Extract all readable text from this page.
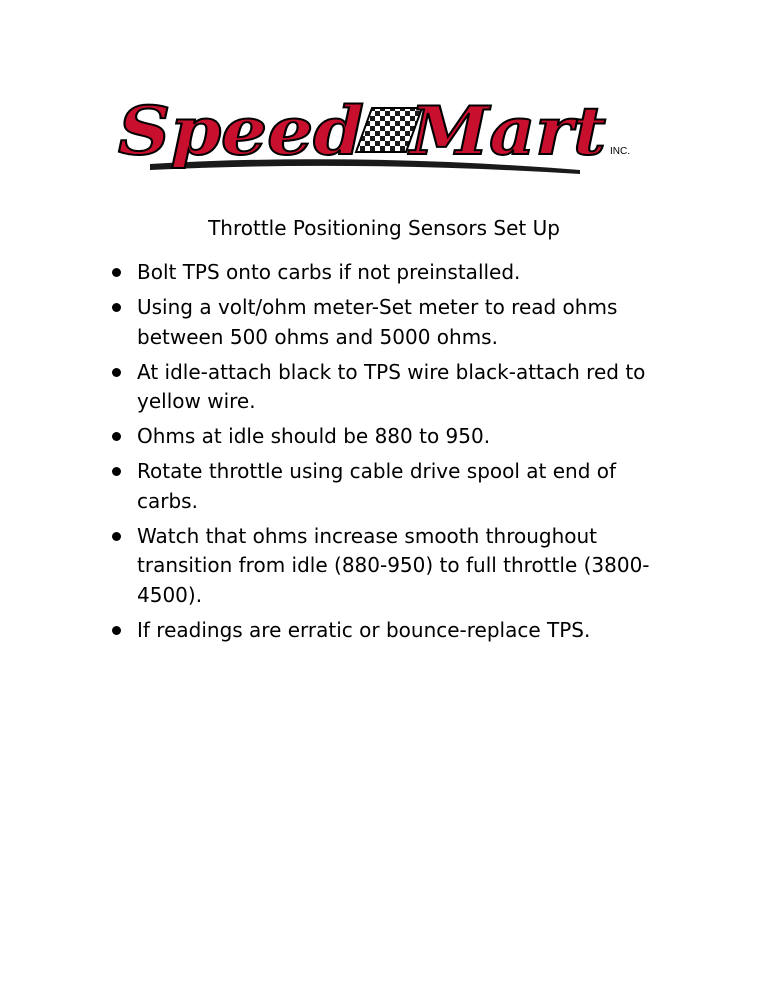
Speed Mart INC.
Throttle Positioning Sensors Set Up
Bolt TPS onto carbs if not preinstalled.
Using a volt/ohm meter-Set meter to read ohms between 500 ohms and 5000 ohms.
At idle-attach black to TPS wire black-attach red to yellow wire.
Ohms at idle should be 880 to 950.
Rotate throttle using cable drive spool at end of carbs.
Watch that ohms increase smooth throughout transition from idle (880-950) to full throttle (3800-4500).
If readings are erratic or bounce-replace TPS.
